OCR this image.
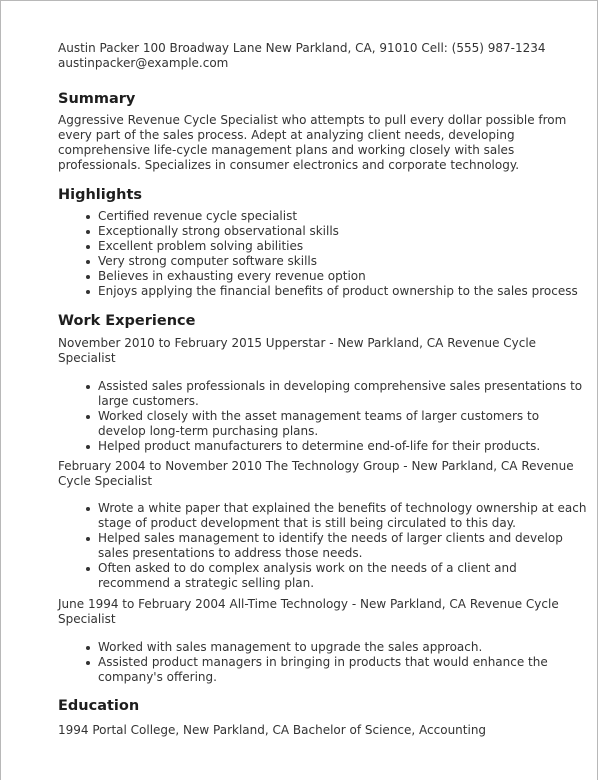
Austin Packer 100 Broadway Lane New Parkland, CA, 91010 Cell: (555) 987-1234

austinpacker@example.com

Summary

Aggressive Revenue Cycle Specialist who attempts to pull every dollar possible from every part of the sales process. Adept at analyzing client needs, developing comprehensive life-cycle management plans and working closely with sales professionals. Specializes in consumer electronics and corporate technology.

Highlights
Certified revenue cycle specialist
Exceptionally strong observational skills
Excellent problem solving abilities
Very strong computer software skills
Believes in exhausting every revenue option
Enjoys applying the financial benefits of product ownership to the sales process
Work Experience

November 2010 to February 2015 Upperstar - New Parkland, CA Revenue Cycle Specialist

Assisted sales professionals in developing comprehensive sales presentations to large customers.
Worked closely with the asset management teams of larger customers to develop long-term purchasing plans.
Helped product manufacturers to determine end-of-life for their products.

February 2004 to November 2010 The Technology Group - New Parkland, CA Revenue Cycle Specialist

Wrote a white paper that explained the benefits of technology ownership at each stage of product development that is still being circulated to this day.
Helped sales management to identify the needs of larger clients and develop sales presentations to address those needs.
Often asked to do complex analysis work on the needs of a client and recommend a strategic selling plan.

June 1994 to February 2004 All-Time Technology - New Parkland, CA Revenue Cycle Specialist

Worked with sales management to upgrade the sales approach.
Assisted product managers in bringing in products that would enhance the company's offering.
Education

1994 Portal College, New Parkland, CA Bachelor of Science, Accounting
